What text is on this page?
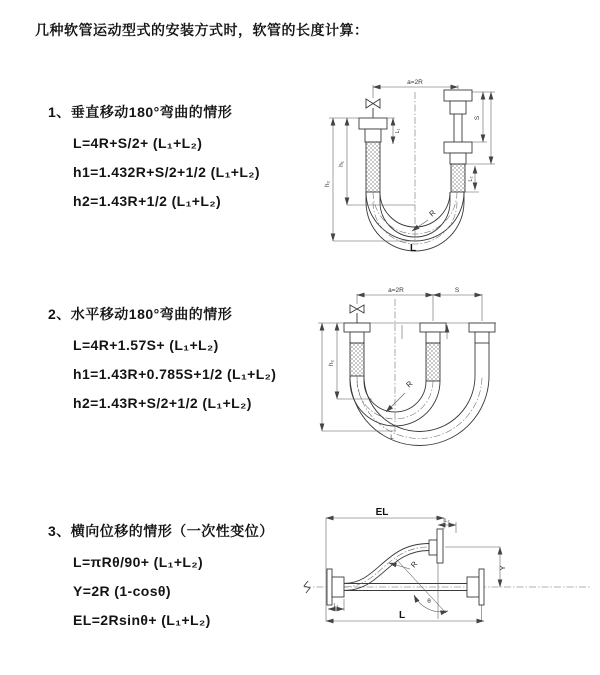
几种软管运动型式的安装方式时，软管的长度计算：
1、垂直移动180°弯曲的情形
L=4R+S/2+ (L₁+L₂)
h1=1.432R+S/2+1/2 (L₁+L₂)
h2=1.43R+1/2 (L₁+L₂)
a=2R
h₂
h₁
L₁
S
L₂
R
L
2、水平移动180°弯曲的情形
L=4R+1.57S+ (L₁+L₂)
h1=1.43R+0.785S+1/2 (L₁+L₂)
h2=1.43R+S/2+1/2 (L₁+L₂)
a=2R	S
h₂
R
L
3、横向位移的情形（一次性变位）
L=πRθ/90+ (L₁+L₂)
Y=2R (1-cosθ)
EL=2Rsinθ+ (L₁+L₂)
θ
R
EL
L₂
Y
L
L₁
